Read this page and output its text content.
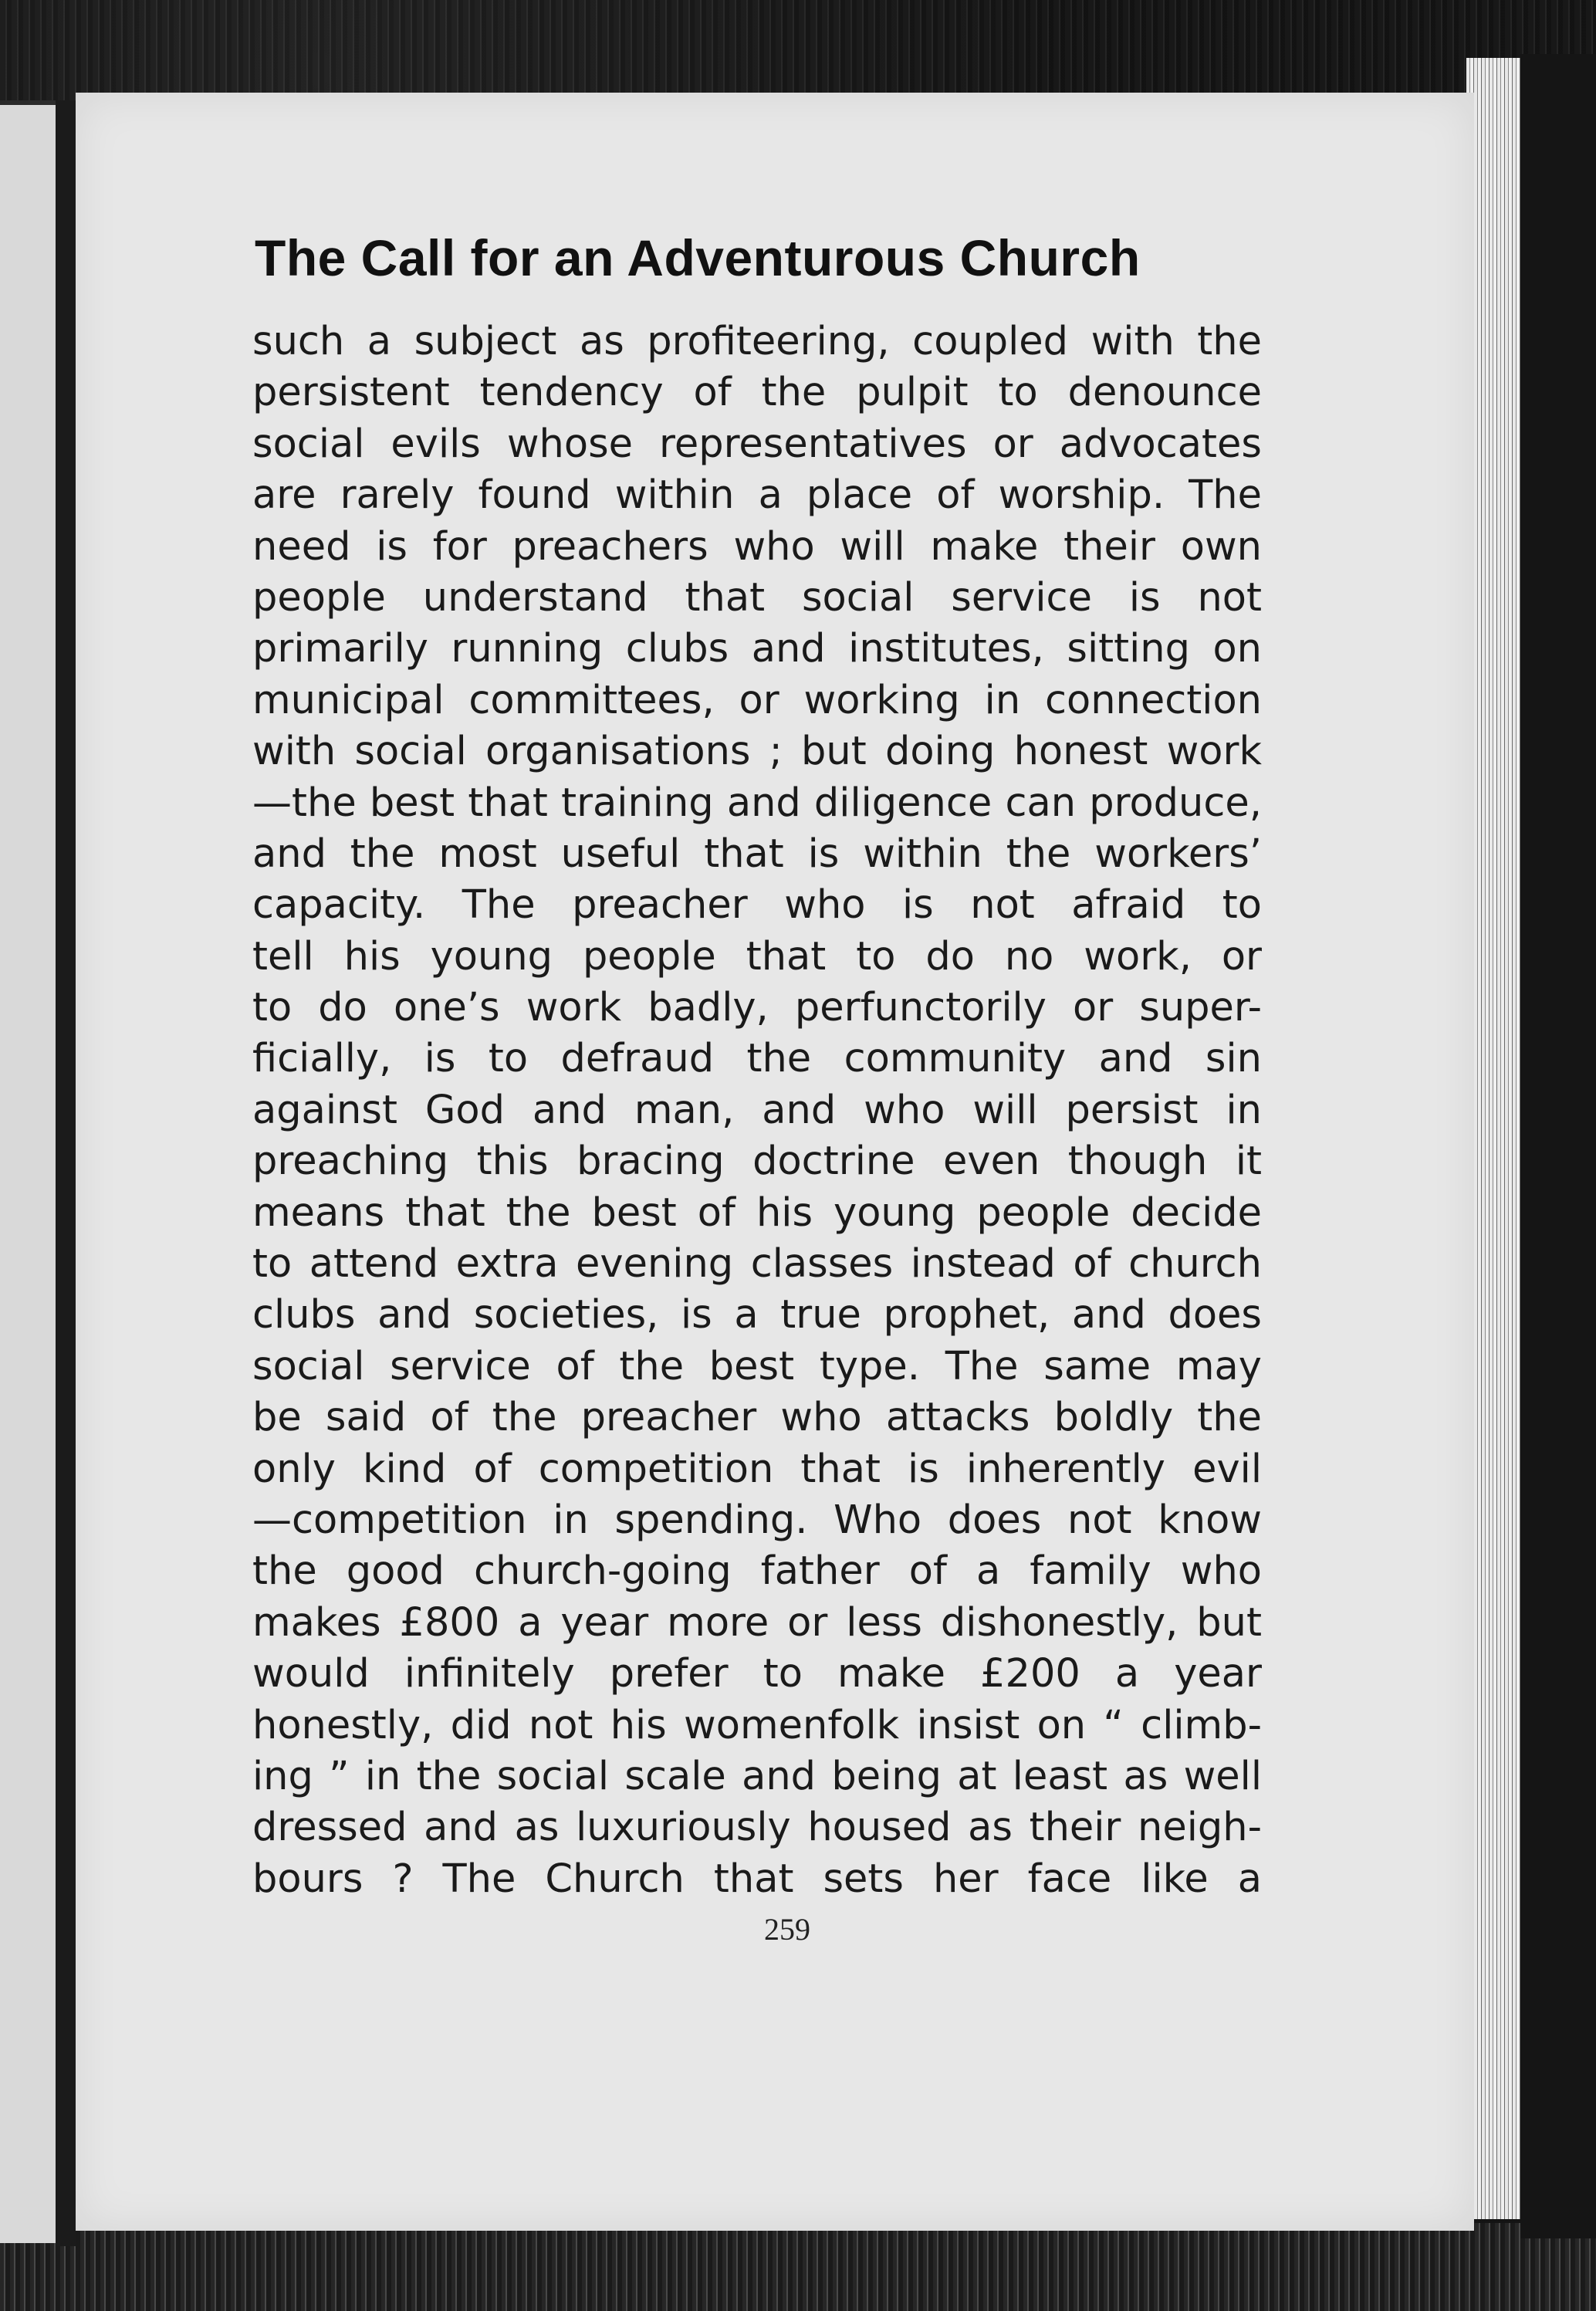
The Call for an Adventurous Church
such a subject as profiteering, coupled with the
persistent tendency of the pulpit to denounce
social evils whose representatives or advocates
are rarely found within a place of worship. The
need is for preachers who will make their own
people understand that social service is not
primarily running clubs and institutes, sitting on
municipal committees, or working in connection
with social organisations ; but doing honest work
—the best that training and diligence can produce,
and the most useful that is within the workers’
capacity. The preacher who is not afraid to
tell his young people that to do no work, or
to do one’s work badly, perfunctorily or super-
ficially, is to defraud the community and sin
against God and man, and who will persist in
preaching this bracing doctrine even though it
means that the best of his young people decide
to attend extra evening classes instead of church
clubs and societies, is a true prophet, and does
social service of the best type. The same may
be said of the preacher who attacks boldly the
only kind of competition that is inherently evil
—competition in spending. Who does not know
the good church-going father of a family who
makes £800 a year more or less dishonestly, but
would infinitely prefer to make £200 a year
honestly, did not his womenfolk insist on “ climb-
ing ” in the social scale and being at least as well
dressed and as luxuriously housed as their neigh-
bours ? The Church that sets her face like a
259
